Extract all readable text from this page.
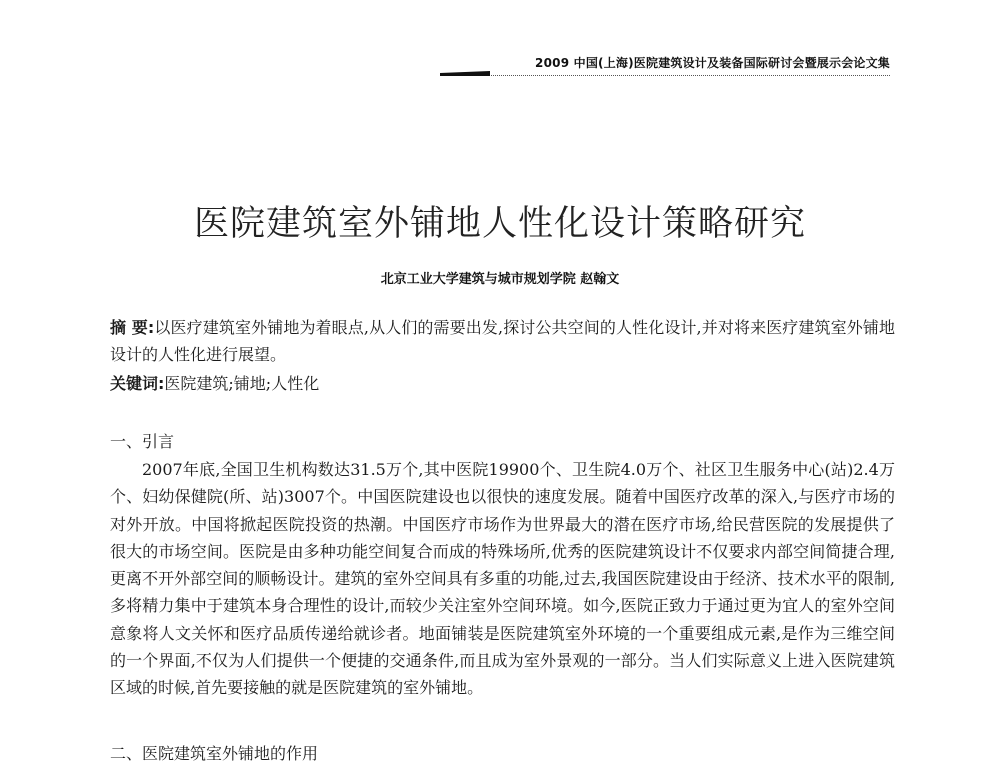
2009 中国(上海)医院建筑设计及装备国际研讨会暨展示会论文集
医院建筑室外铺地人性化设计策略研究
北京工业大学建筑与城市规划学院 赵翰文
摘 要:以医疗建筑室外铺地为着眼点,从人们的需要出发,探讨公共空间的人性化设计,并对将来医疗建筑室外铺地设计的人性化进行展望。
关键词:医院建筑;铺地;人性化
一、引言
2007年底,全国卫生机构数达31.5万个,其中医院19900个、卫生院4.0万个、社区卫生服务中心(站)2.4万个、妇幼保健院(所、站)3007个。中国医院建设也以很快的速度发展。随着中国医疗改革的深入,与医疗市场的对外开放。中国将掀起医院投资的热潮。中国医疗市场作为世界最大的潜在医疗市场,给民营医院的发展提供了很大的市场空间。医院是由多种功能空间复合而成的特殊场所,优秀的医院建筑设计不仅要求内部空间简捷合理,更离不开外部空间的顺畅设计。建筑的室外空间具有多重的功能,过去,我国医院建设由于经济、技术水平的限制,多将精力集中于建筑本身合理性的设计,而较少关注室外空间环境。如今,医院正致力于通过更为宜人的室外空间意象将人文关怀和医疗品质传递给就诊者。地面铺装是医院建筑室外环境的一个重要组成元素,是作为三维空间的一个界面,不仅为人们提供一个便捷的交通条件,而且成为室外景观的一部分。当人们实际意义上进入医院建筑区域的时候,首先要接触的就是医院建筑的室外铺地。
二、医院建筑室外铺地的作用
